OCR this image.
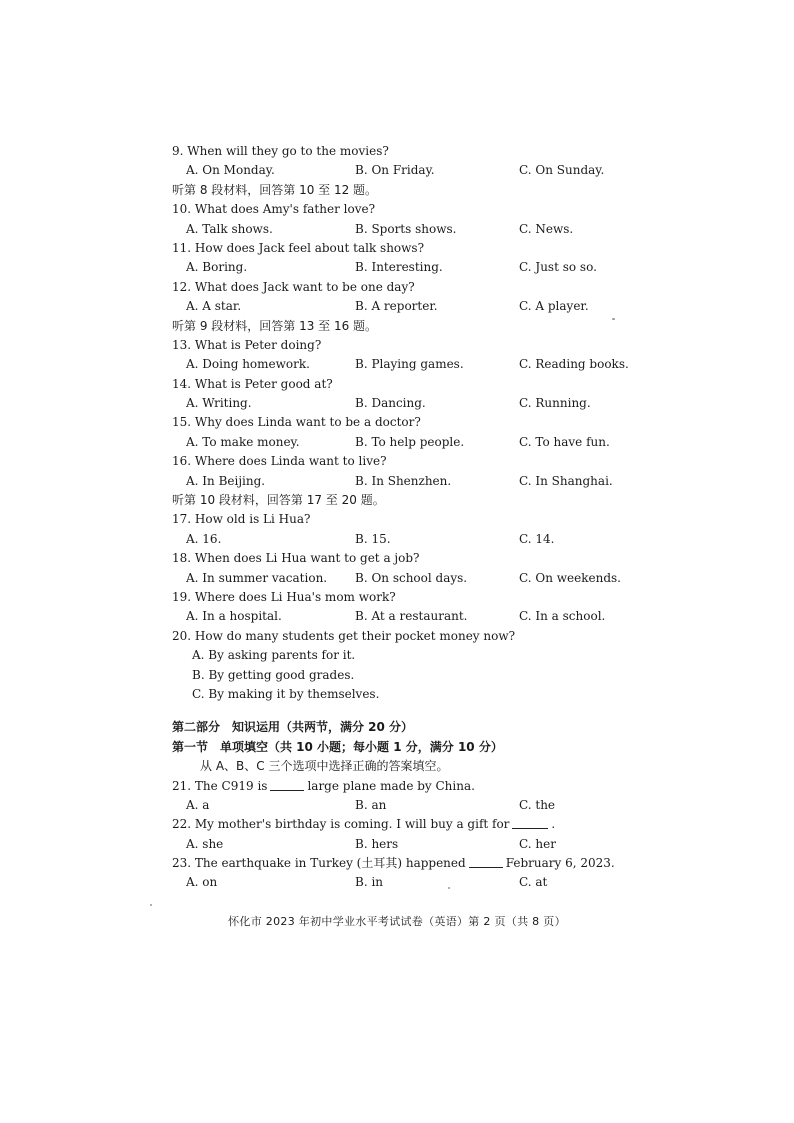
9. When will they go to the movies?
A. On Monday.	B. On Friday.	C. On Sunday.
听第 8 段材料，回答第 10 至 12 题。
10. What does Amy's father love?
A. Talk shows.	B. Sports shows.	C. News.
11. How does Jack feel about talk shows?
A. Boring.	B. Interesting.	C. Just so so.
12. What does Jack want to be one day?
A. A star.	B. A reporter.	C. A player.
听第 9 段材料，回答第 13 至 16 题。
13. What is Peter doing?
A. Doing homework.	B. Playing games.	C. Reading books.
14. What is Peter good at?
A. Writing.	B. Dancing.	C. Running.
15. Why does Linda want to be a doctor?
A. To make money.	B. To help people.	C. To have fun.
16. Where does Linda want to live?
A. In Beijing.	B. In Shenzhen.	C. In Shanghai.
听第 10 段材料，回答第 17 至 20 题。
17. How old is Li Hua?
A. 16.	B. 15.	C. 14.
18. When does Li Hua want to get a job?
A. In summer vacation. B. On school days.	C. On weekends.
19. Where does Li Hua's mom work?
A. In a hospital.	B. At a restaurant.	C. In a school.
20. How do many students get their pocket money now?
A. By asking parents for it.
B. By getting good grades.
C. By making it by themselves.
第二部分　知识运用（共两节，满分 20 分）
第一节　单项填空（共 10 小题；每小题 1 分，满分 10 分）
从 A、B、C 三个选项中选择正确的答案填空。
21. The C919 is	large plane made by China.
A. a	B. an	C. the
22. My mother's birthday is coming. I will buy a gift for	.
A. she	B. hers	C. her
23. The earthquake in Turkey (土耳其) happened	February 6, 2023.
A. on	B. in	C. at
怀化市 2023 年初中学业水平考试试卷（英语）第 2 页（共 8 页）
